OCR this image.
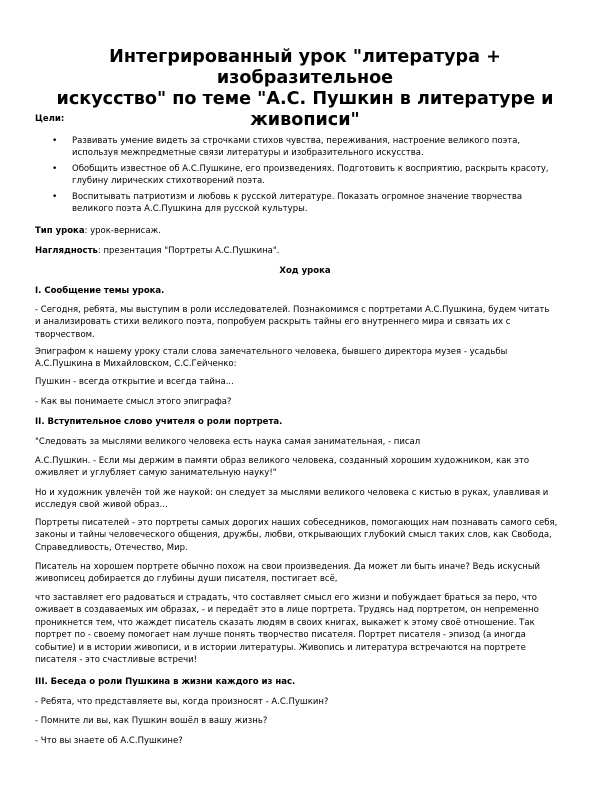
Интегрированный урок "литература + изобразительное
искусство" по теме "А.С. Пушкин в литературе и
живописи"

Цели:

• Развивать умение видеть за строчками стихов чувства, переживания, настроение великого поэта,
используя межпредметные связи литературы и изобразительного искусства.

• Обобщить известное об А.С.Пушкине, его произведениях. Подготовить к восприятию, раскрыть красоту,
глубину лирических стихотворений поэта.

• Воспитывать патриотизм и любовь к русской литературе. Показать огромное значение творчества
великого поэта А.С.Пушкина для русской культуры.

Тип урока: урок-вернисаж.

Наглядность: презентация "Портреты А.С.Пушкина".

Ход урока

I. Сообщение темы урока.

- Сегодня, ребята, мы выступим в роли исследователей. Познакомимся с портретами А.С.Пушкина, будем читать
и анализировать стихи великого поэта, попробуем раскрыть тайны его внутреннего мира и связать их с
творчеством.

Эпиграфом к нашему уроку стали слова замечательного человека, бывшего директора музея - усадьбы
А.С.Пушкина в Михайловском, С.С.Гейченко:

Пушкин - всегда открытие и всегда тайна...

- Как вы понимаете смысл этого эпиграфа?

II. Вступительное слово учителя о роли портрета.

"Следовать за мыслями великого человека есть наука самая занимательная, - писал

А.С.Пушкин. - Если мы держим в памяти образ великого человека, созданный хорошим художником, как это
оживляет и углубляет самую занимательную науку!"

Но и художник увлечён той же наукой: он следует за мыслями великого человека с кистью в руках, улавливая и
исследуя свой живой образ...

Портреты писателей - это портреты самых дорогих наших собеседников, помогающих нам познавать самого себя,
законы и тайны человеческого общения, дружбы, любви, открывающих глубокий смысл таких слов, как Свобода,
Справедливость, Отечество, Мир.

Писатель на хорошем портрете обычно похож на свои произведения. Да может ли быть иначе? Ведь искусный
живописец добирается до глубины души писателя, постигает всё,

что заставляет его радоваться и страдать, что составляет смысл его жизни и побуждает браться за перо, что
оживает в создаваемых им образах, - и передаёт это в лице портрета. Трудясь над портретом, он непременно
проникнется тем, что жаждет писатель сказать людям в своих книгах, выкажет к этому своё отношение. Так
портрет по - своему помогает нам лучше понять творчество писателя. Портрет писателя - эпизод (а иногда
событие) и в истории живописи, и в истории литературы. Живопись и литература встречаются на портрете
писателя - это счастливые встречи!

III. Беседа о роли Пушкина в жизни каждого из нас.

- Ребята, что представляете вы, когда произносят - А.С.Пушкин?

- Помните ли вы, как Пушкин вошёл в вашу жизнь?

- Что вы знаете об А.С.Пушкине?
